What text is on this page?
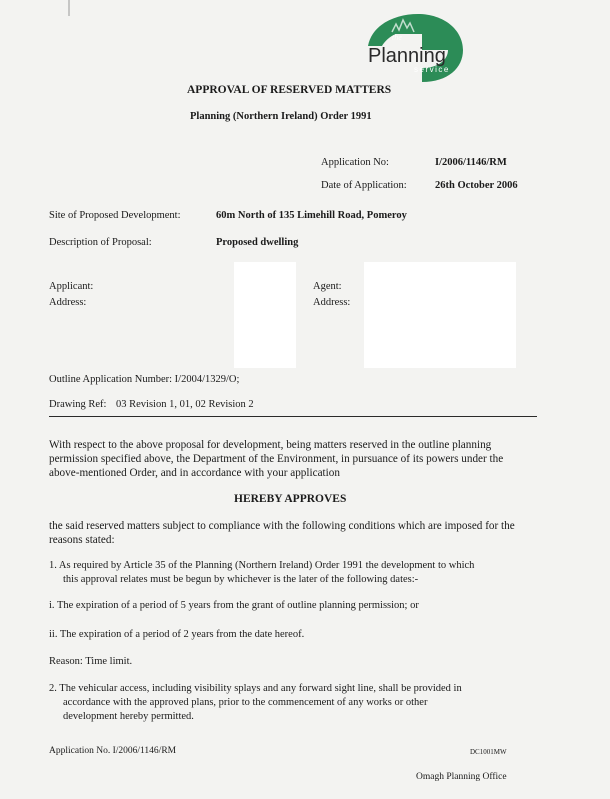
the
Planning
service
APPROVAL OF RESERVED MATTERS
Planning (Northern Ireland) Order 1991
Application No:	I/2006/1146/RM
Date of Application:	26th October 2006
Site of Proposed Development:	60m North of 135 Limehill Road, Pomeroy
Description of Proposal:	Proposed dwelling
Applicant:
Address:
Agent:
Address:
Outline Application Number: I/2004/1329/O;
Drawing Ref: 03 Revision 1, 01, 02 Revision 2
With respect to the above proposal for development, being matters reserved in the outline planning permission specified above, the Department of the Environment, in pursuance of its powers under the above-mentioned Order, and in accordance with your application
HEREBY APPROVES
the said reserved matters subject to compliance with the following conditions which are imposed for the reasons stated:
1. As required by Article 35 of the Planning (Northern Ireland) Order 1991 the development to which
this approval relates must be begun by whichever is the later of the following dates:-
i. The expiration of a period of 5 years from the grant of outline planning permission; or
ii. The expiration of a period of 2 years from the date hereof.
Reason: Time limit.
2. The vehicular access, including visibility splays and any forward sight line, shall be provided in
accordance with the approved plans, prior to the commencement of any works or other
development hereby permitted.
Application No. I/2006/1146/RM	DC1001MW
Omagh Planning Office
